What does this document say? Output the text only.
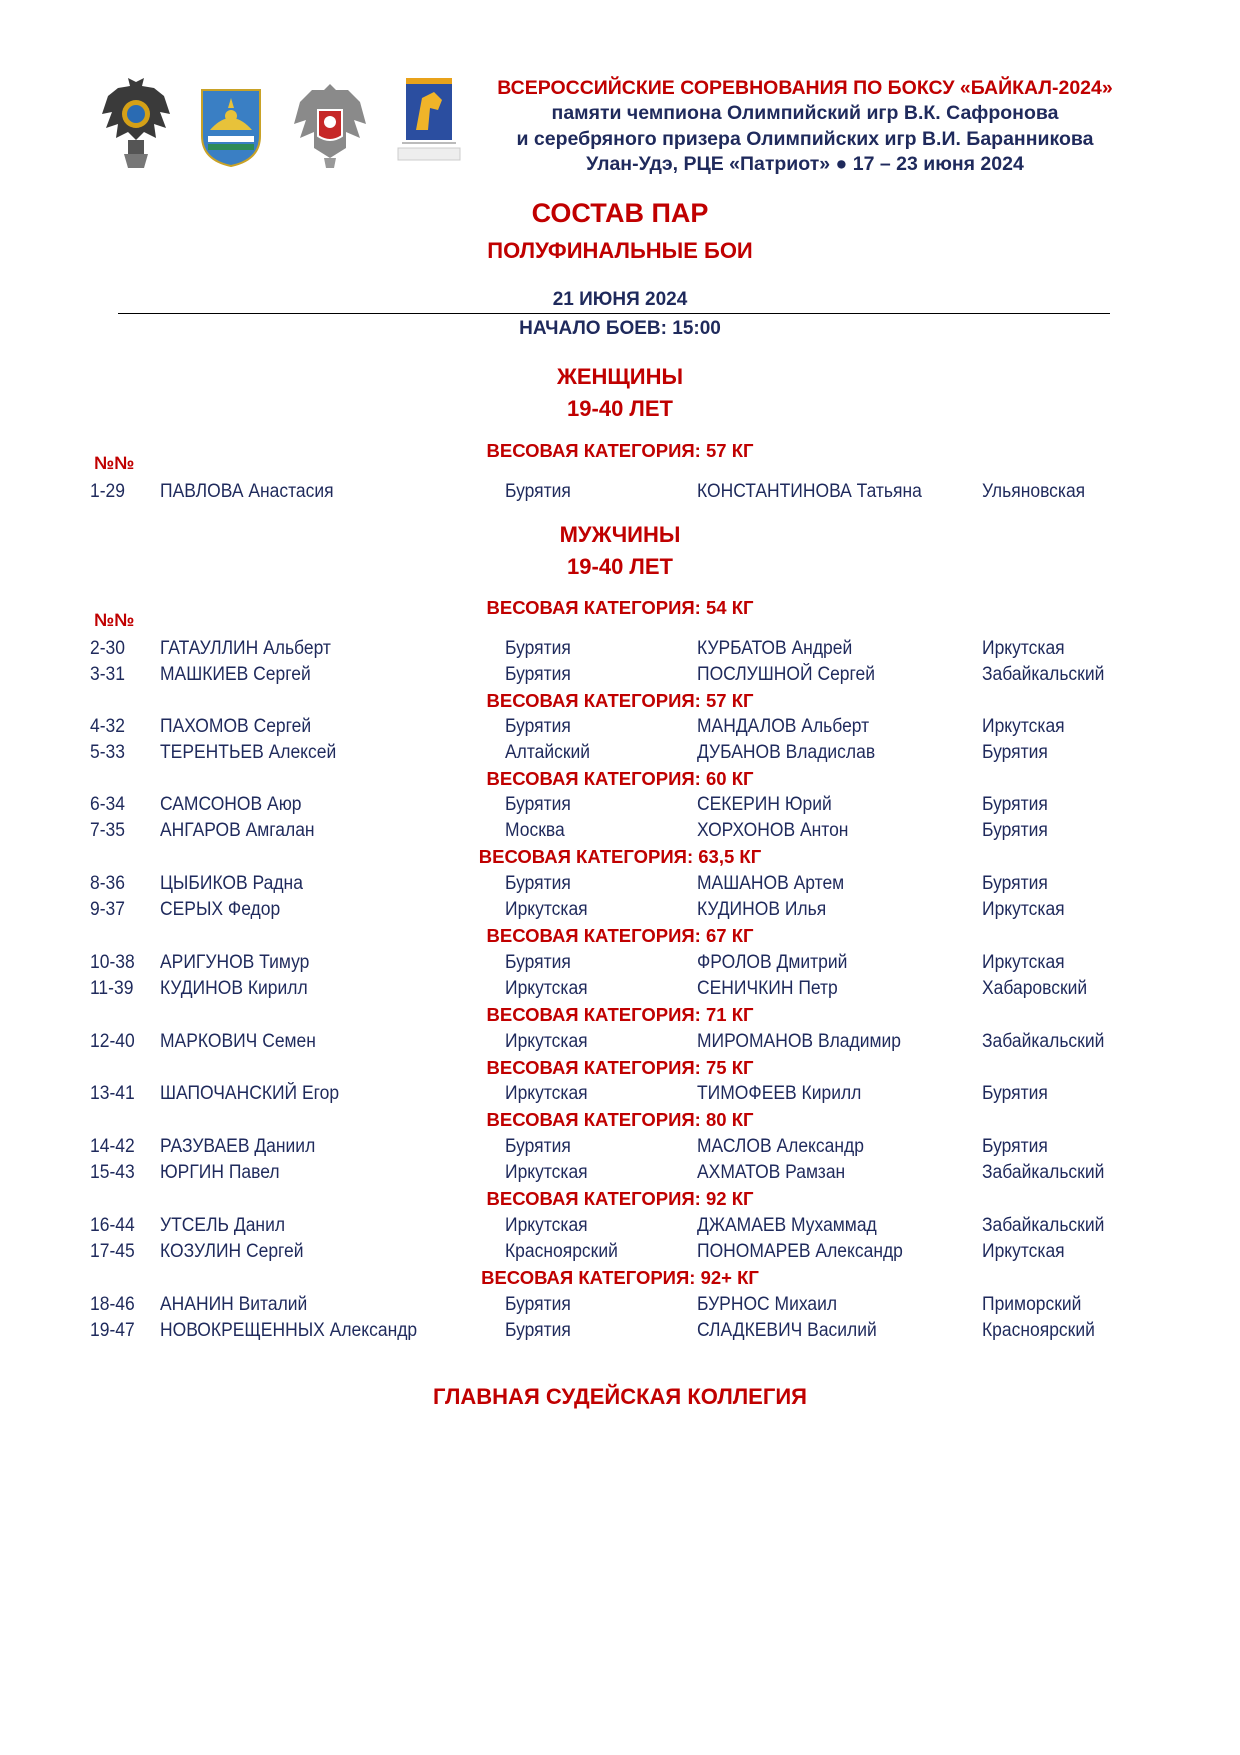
ВСЕРОССИЙСКИЕ СОРЕВНОВАНИЯ ПО БОКСУ «БАЙКАЛ-2024»
памяти чемпиона Олимпийский игр В.К. Сафронова
и серебряного призера Олимпийских игр В.И. Баранникова
Улан-Удэ, РЦЕ «Патриот» ● 17 – 23 июня 2024
СОСТАВ ПАР
ПОЛУФИНАЛЬНЫЕ БОИ
21 ИЮНЯ 2024
НАЧАЛО БОЕВ: 15:00
ЖЕНЩИНЫ
19-40 ЛЕТ
ВЕСОВАЯ КАТЕГОРИЯ: 57 КГ
№№
1-29 ПАВЛОВА Анастасия	Бурятия	КОНСТАНТИНОВА Татьяна	Ульяновская
МУЖЧИНЫ
19-40 ЛЕТ
ВЕСОВАЯ КАТЕГОРИЯ: 54 КГ
№№
2-30 ГАТАУЛЛИН Альберт	Бурятия	КУРБАТОВ Андрей	Иркутская
3-31 МАШКИЕВ Сергей	Бурятия	ПОСЛУШНОЙ Сергей	Забайкальский
ВЕСОВАЯ КАТЕГОРИЯ: 57 КГ
4-32 ПАХОМОВ Сергей	Бурятия	МАНДАЛОВ Альберт	Иркутская
5-33 ТЕРЕНТЬЕВ Алексей	Алтайский	ДУБАНОВ Владислав	Бурятия
ВЕСОВАЯ КАТЕГОРИЯ: 60 КГ
6-34 САМСОНОВ Аюр	Бурятия	СЕКЕРИН Юрий	Бурятия
7-35 АНГАРОВ Амгалан	Москва	ХОРХОНОВ Антон	Бурятия
ВЕСОВАЯ КАТЕГОРИЯ: 63,5 КГ
8-36 ЦЫБИКОВ Радна	Бурятия	МАШАНОВ Артем	Бурятия
9-37 СЕРЫХ Федор	Иркутская	КУДИНОВ Илья	Иркутская
ВЕСОВАЯ КАТЕГОРИЯ: 67 КГ
10-38 АРИГУНОВ Тимур	Бурятия	ФРОЛОВ Дмитрий	Иркутская
11-39 КУДИНОВ Кирилл	Иркутская	СЕНИЧКИН Петр	Хабаровский
ВЕСОВАЯ КАТЕГОРИЯ: 71 КГ
12-40 МАРКОВИЧ Семен	Иркутская	МИРОМАНОВ Владимир	Забайкальский
ВЕСОВАЯ КАТЕГОРИЯ: 75 КГ
13-41 ШАПОЧАНСКИЙ Егор	Иркутская	ТИМОФЕЕВ Кирилл	Бурятия
ВЕСОВАЯ КАТЕГОРИЯ: 80 КГ
14-42 РАЗУВАЕВ Даниил	Бурятия	МАСЛОВ Александр	Бурятия
15-43 ЮРГИН Павел	Иркутская	АХМАТОВ Рамзан	Забайкальский
ВЕСОВАЯ КАТЕГОРИЯ: 92 КГ
16-44 УТСЕЛЬ Данил	Иркутская	ДЖАМАЕВ Мухаммад	Забайкальский
17-45 КОЗУЛИН Сергей	Красноярский	ПОНОМАРЕВ Александр	Иркутская
ВЕСОВАЯ КАТЕГОРИЯ: 92+ КГ
18-46 АНАНИН Виталий	Бурятия	БУРНОС Михаил	Приморский
19-47 НОВОКРЕЩЕННЫХ Александр	Бурятия	СЛАДКЕВИЧ Василий	Красноярский
ГЛАВНАЯ СУДЕЙСКАЯ КОЛЛЕГИЯ
